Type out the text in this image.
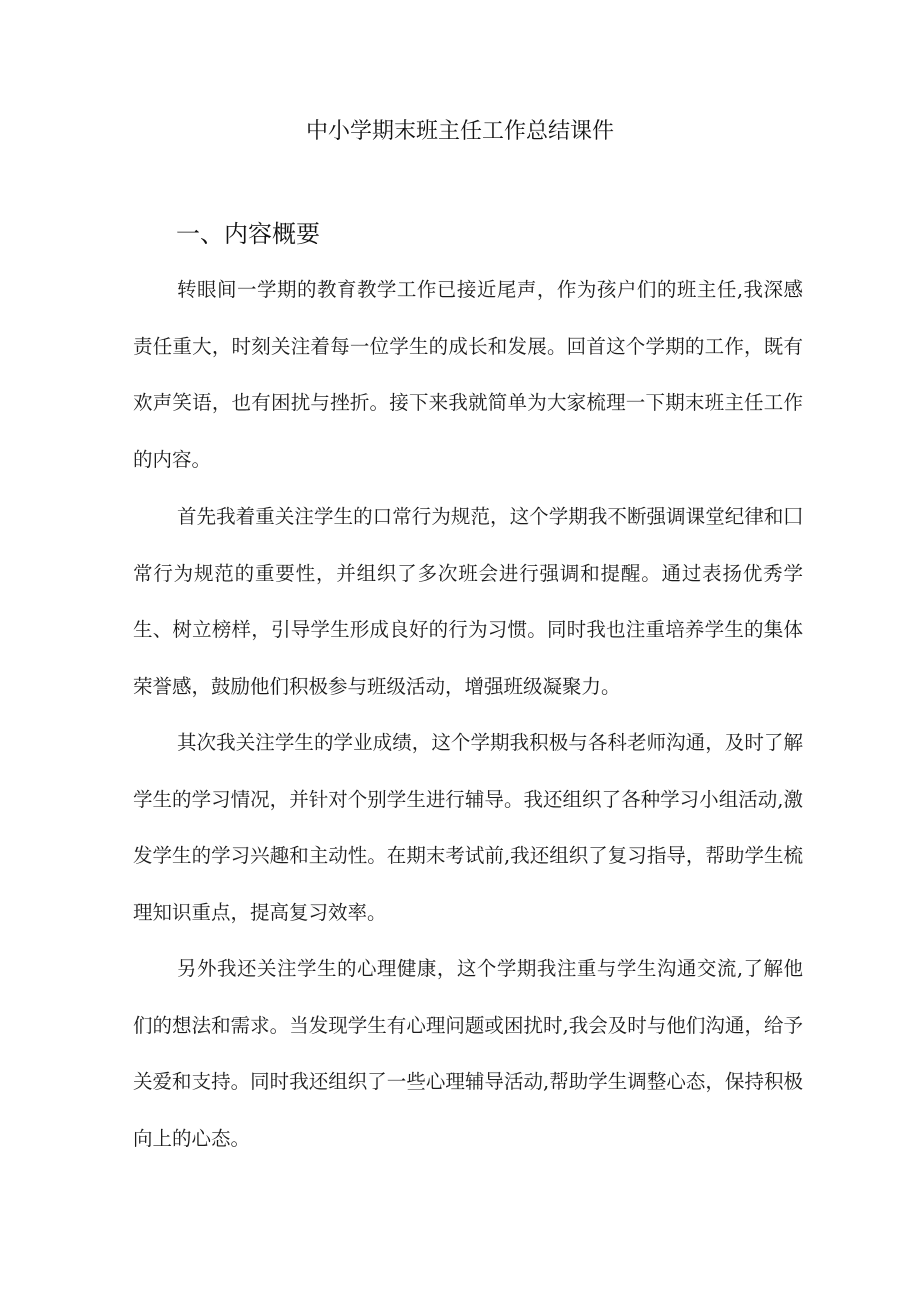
中小学期末班主任工作总结课件
一、内容概要

转眼间一学期的教育教学工作已接近尾声，作为孩户们的班主任,我深感责任重大，时刻关注着每一位学生的成长和发展。回首这个学期的工作，既有欢声笑语，也有困扰与挫折。接下来我就简单为大家梳理一下期末班主任工作的内容。

首先我着重关注学生的口常行为规范，这个学期我不断强调课堂纪律和囗常行为规范的重要性，并组织了多次班会进行强调和提醒。通过表扬优秀学生、树立榜样，引导学生形成良好的行为习惯。同时我也注重培养学生的集体荣誉感，鼓励他们积极参与班级活动，增强班级凝聚力。

其次我关注学生的学业成绩，这个学期我积极与各科老师沟通，及时了解学生的学习情况，并针对个别学生进行辅导。我还组织了各种学习小组活动,激发学生的学习兴趣和主动性。在期末考试前,我还组织了复习指导，帮助学生梳理知识重点，提高复习效率。

另外我还关注学生的心理健康，这个学期我注重与学生沟通交流,了解他们的想法和需求。当发现学生有心理问题或困扰时,我会及时与他们沟通，给予关爱和支持。同时我还组织了一些心理辅导活动,帮助学生调整心态，保持积极向上的心态。
